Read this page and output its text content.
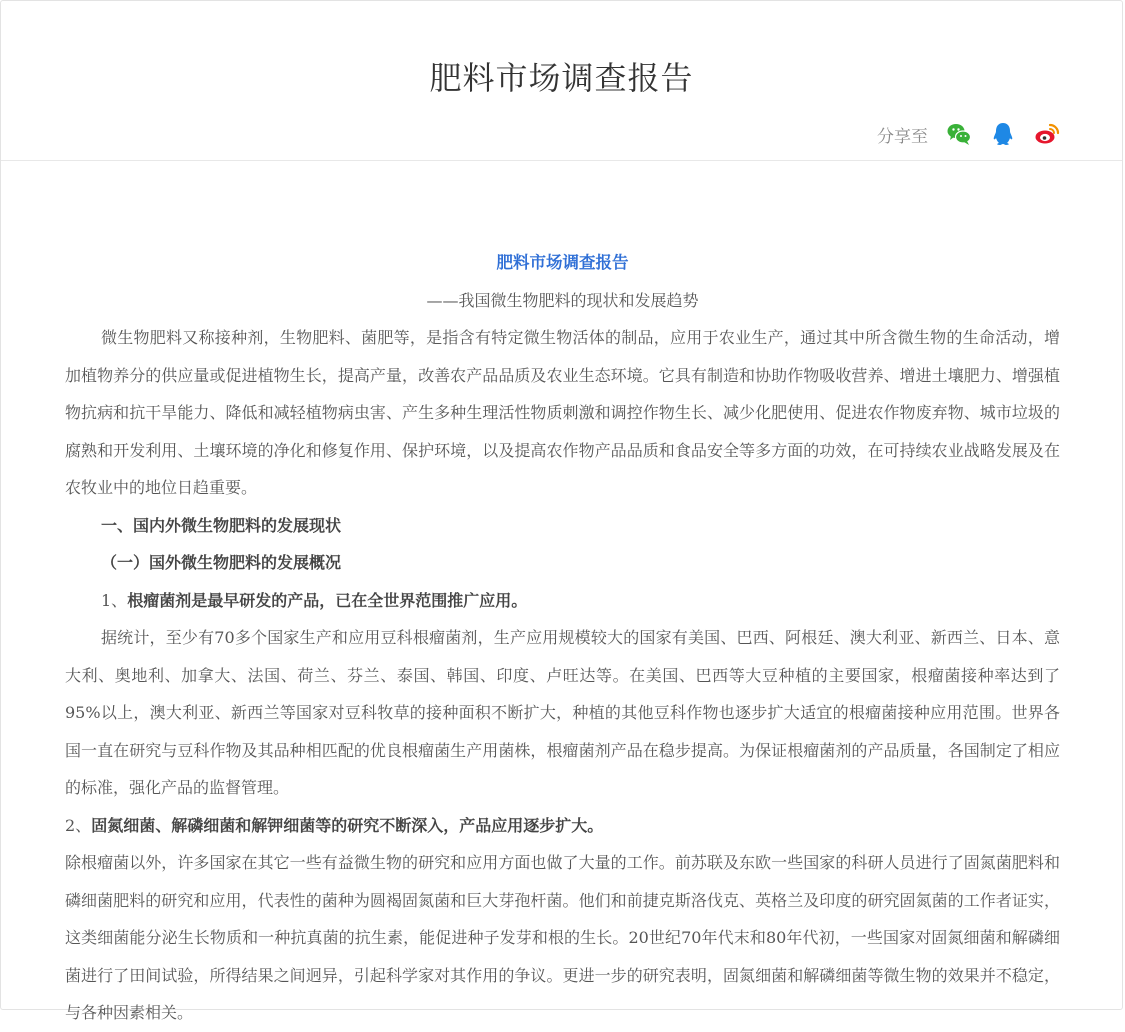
肥料市场调查报告
分享至
肥料市场调查报告
——我国微生物肥料的现状和发展趋势
微生物肥料又称接种剂，生物肥料、菌肥等，是指含有特定微生物活体的制品，应用于农业生产，通过其中所含微生物的生命活动，增加植物养分的供应量或促进植物生长，提高产量，改善农产品品质及农业生态环境。它具有制造和协助作物吸收营养、增进土壤肥力、增强植物抗病和抗干旱能力、降低和减轻植物病虫害、产生多种生理活性物质刺激和调控作物生长、减少化肥使用、促进农作物废弃物、城市垃圾的腐熟和开发利用、土壤环境的净化和修复作用、保护环境，以及提高农作物产品品质和食品安全等多方面的功效，在可持续农业战略发展及在农牧业中的地位日趋重要。
一、国内外微生物肥料的发展现状
（一）国外微生物肥料的发展概况
1、根瘤菌剂是最早研发的产品，已在全世界范围推广应用。
据统计，至少有70多个国家生产和应用豆科根瘤菌剂，生产应用规模较大的国家有美国、巴西、阿根廷、澳大利亚、新西兰、日本、意大利、奥地利、加拿大、法国、荷兰、芬兰、泰国、韩国、印度、卢旺达等。在美国、巴西等大豆种植的主要国家，根瘤菌接种率达到了95%以上，澳大利亚、新西兰等国家对豆科牧草的接种面积不断扩大，种植的其他豆科作物也逐步扩大适宜的根瘤菌接种应用范围。世界各国一直在研究与豆科作物及其品种相匹配的优良根瘤菌生产用菌株，根瘤菌剂产品在稳步提高。为保证根瘤菌剂的产品质量，各国制定了相应的标准，强化产品的监督管理。
2、固氮细菌、解磷细菌和解钾细菌等的研究不断深入，产品应用逐步扩大。
除根瘤菌以外，许多国家在其它一些有益微生物的研究和应用方面也做了大量的工作。前苏联及东欧一些国家的科研人员进行了固氮菌肥料和磷细菌肥料的研究和应用，代表性的菌种为圆褐固氮菌和巨大芽孢杆菌。他们和前捷克斯洛伐克、英格兰及印度的研究固氮菌的工作者证实，这类细菌能分泌生长物质和一种抗真菌的抗生素，能促进种子发芽和根的生长。20世纪70年代末和80年代初，一些国家对固氮细菌和解磷细菌进行了田间试验，所得结果之间迥异，引起科学家对其作用的争议。更进一步的研究表明，固氮细菌和解磷细菌等微生物的效果并不稳定，与各种因素相关。
